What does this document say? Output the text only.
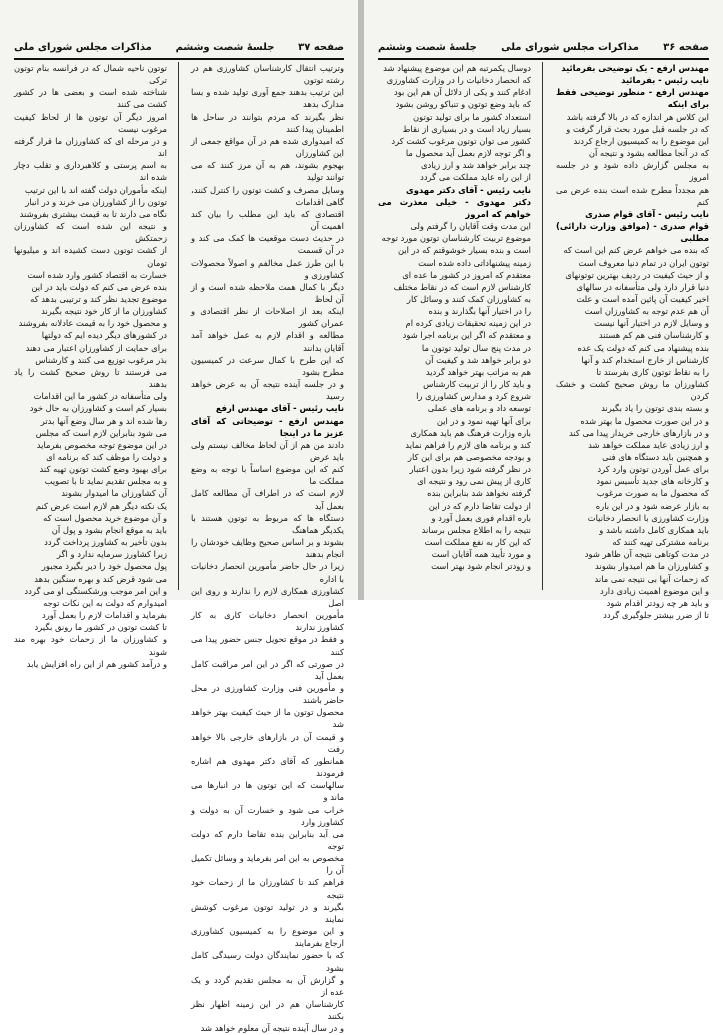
صفحه ۳۷
جلسهٔ شصت وششم
مذاکرات مجلس شورای ملی

وترتیب انتقال کارشناسان کشاورزی هم در رشته توتون

این ترتیب بدهند جمع آوری تولید شده و بسا مدارک بدهد

نظر بگیرند که مردم بتوانند در ساحل ها اطمینان پیدا کنند

که امیدواری شده هم در آن مواقع جمعی از این کشاورزان

بهجوم بشوند، هم به آن مرز کنند که می توانند تولید

وسایل مصرف و کشت توتون را کنترل کنند، گاهی اقدامات

اقتصادی که باید این مطلب را بیان کند اهمیت آن

در حدیث دست موقعیت ها کمک می کند و در آن قسمت

با این طرز عمل مخالفم و اصولاً محصولات کشاورزی و

دیگر با کمال همت ملاحظه شده است و از آن لحاظ

اینکه بعد از اصلاحات از نظر اقتصادی و عمران کشور

مطالعه و اقدام لازم به عمل خواهد آمد آقایان بدانند

که این طرح با کمال سرعت در کمیسیون مطرح بشود

و در جلسه آینده نتیجه آن به عرض خواهد رسید

نایب رئیس - آقای مهندس ارفع

مهندس ارفع - توضیحاتی که آقای عزیز ما در اینجا

دادند من هم از آن لحاظ مخالف نیستم ولی باید عرض

کنم که این موضوع اساساً با توجه به وضع مملکت ما

لازم است که در اطراف آن مطالعه کامل بعمل آید

دستگاه ها که مربوط به توتون هستند با یکدیگر هماهنگ

بشوند و بر اساس صحیح وظایف خودشان را انجام بدهند

زیرا در حال حاضر مأمورین انحصار دخانیات با اداره

کشاورزی همکاری لازم را ندارند و روی این اصل

مأمورین انحصار دخانیات کاری به کار کشاورز ندارند

و فقط در موقع تحویل جنس حضور پیدا می کنند

در صورتی که اگر در این امر مراقبت کامل بعمل آید

و مأمورین فنی وزارت کشاورزی در محل حاضر باشند

محصول توتون ما از حیث کیفیت بهتر خواهد شد

و قیمت آن در بازارهای خارجی بالا خواهد رفت

همانطور که آقای دکتر مهدوی هم اشاره فرمودند

سالهاست که این توتون ها در انبارها می ماند و

خراب می شود و خسارت آن به دولت و کشاورز وارد

می آید بنابراین بنده تقاضا دارم که دولت توجه

مخصوص به این امر بفرماید و وسائل تکمیل آن را

فراهم کند تا کشاورزان ما از زحمات خود نتیجه

بگیرند و در تولید توتون مرغوب کوشش نمایند

و این موضوع را به کمیسیون کشاورزی ارجاع بفرمایند

که با حضور نمایندگان دولت رسیدگی کامل بشود

و گزارش آن به مجلس تقدیم گردد و یک عده از

کارشناسان هم در این زمینه اظهار نظر بکنند

و در سال آینده نتیجه آن معلوم خواهد شد

توتون ناحیه شمال که در فرانسه بنام توتون ترکی

شناخته شده است و بعضی ها در کشور کشت می کنند

امروز دیگر آن توتون ها از لحاظ کیفیت مرغوب نیست

و در مرحله ای که کشاورزان ما قرار گرفته اند

به اسم پرستی و کلاهبرداری و تقلب دچار شده اند

اینکه مأموران دولت گفته اند با این ترتیب

توتون را از کشاورزان می خرند و در انبار

نگاه می دارند تا به قیمت بیشتری بفروشند

و نتیجه این شده است که کشاورزان زحمتکش

از کشت توتون دست کشیده اند و میلیونها تومان

خسارت به اقتصاد کشور وارد شده است

بنده عرض می کنم که دولت باید در این

موضوع تجدید نظر کند و ترتیبی بدهد که

کشاورزان ما از کار خود نتیجه بگیرند

و محصول خود را به قیمت عادلانه بفروشند

در کشورهای دیگر دیده ایم که دولتها

برای حمایت از کشاورزان اعتبار می دهند

بذر مرغوب توزیع می کنند و کارشناس

می فرستند تا روش صحیح کشت را یاد بدهند

ولی متأسفانه در کشور ما این اقدامات

بسیار کم است و کشاورزان به حال خود

رها شده اند و هر سال وضع آنها بدتر

می شود بنابراین لازم است که مجلس

در این موضوع توجه مخصوص بفرماید

و دولت را موظف کند که برنامه ای

برای بهبود وضع کشت توتون تهیه کند

و به مجلس تقدیم نماید تا با تصویب

آن کشاورزان ما امیدوار بشوند

یک نکته دیگر هم لازم است عرض کنم

و آن موضوع خرید محصول است که

باید به موقع انجام بشود و پول آن

بدون تأخیر به کشاورز پرداخت گردد

زیرا کشاورز سرمایه ندارد و اگر

پول محصول خود را دیر بگیرد مجبور

می شود قرض کند و بهره سنگین بدهد

و این امر موجب ورشکستگی او می گردد

امیدوارم که دولت به این نکات توجه

بفرماید و اقدامات لازم را بعمل آورد

تا کشت توتون در کشور ما رونق بگیرد

و کشاورزان ما از زحمات خود بهره مند شوند

و درآمد کشور هم از این راه افزایش یابد

صفحه ۳۶
مذاکرات مجلس شورای ملی
جلسهٔ شصت وششم

مهندس ارفع - یک توضیحی بفرمائید

نایب رئیس - بفرمائید

مهندس ارفع - منظور توضیحی فقط برای اینکه

این کلاس هر اندازه که در بالا گرفته باشد

که در جلسه قبل مورد بحث قرار گرفت و

این موضوع را به کمیسیون ارجاع کردند

که در آنجا مطالعه بشود و نتیجه آن

به مجلس گزارش داده شود و در جلسه امروز

هم مجدداً مطرح شده است بنده عرض می کنم

نایب رئیس - آقای قوام صدری

قوام صدری - (موافق وزارت دارائی) مطلبی

که بنده می خواهم عرض کنم این است که

توتون ایران در تمام دنیا معروف است

و از حیث کیفیت در ردیف بهترین توتونهای

دنیا قرار دارد ولی متأسفانه در سالهای

اخیر کیفیت آن پائین آمده است و علت

آن هم عدم توجه به کشاورزان است

و وسایل لازم در اختیار آنها نیست

و کارشناسان فنی هم کم هستند

بنده پیشنهاد می کنم که دولت یک عده

کارشناس از خارج استخدام کند و آنها

را به نقاط توتون کاری بفرستد تا

کشاورزان ما روش صحیح کشت و خشک کردن

و بسته بندی توتون را یاد بگیرند

و در این صورت محصول ما بهتر شده

و در بازارهای خارجی خریدار پیدا می کند

و ارز زیادی عاید مملکت خواهد شد

و همچنین باید دستگاه های فنی

برای عمل آوردن توتون وارد کرد

و کارخانه های جدید تأسیس نمود

که محصول ما به صورت مرغوب

به بازار عرضه شود و در این باره

وزارت کشاورزی با انحصار دخانیات

باید همکاری کامل داشته باشد و

برنامه مشترکی تهیه کنند که

در مدت کوتاهی نتیجه آن ظاهر شود

و کشاورزان ما هم امیدوار بشوند

که زحمات آنها بی نتیجه نمی ماند

و این موضوع اهمیت زیادی دارد

و باید هر چه زودتر اقدام شود

تا از ضرر بیشتر جلوگیری گردد

دوسال یکمرتبه هم این موضوع پیشنهاد شد

که انحصار دخانیات را در وزارت کشاورزی

ادغام کنند و یکی از دلائل آن هم این بود

که باید وضع توتون و تنباکو روشن بشود

استعداد کشور ما برای تولید توتون

بسیار زیاد است و در بسیاری از نقاط

کشور می توان توتون مرغوب کشت کرد

و اگر توجه لازم بعمل آید محصول ما

چند برابر خواهد شد و ارز زیادی

از این راه عاید مملکت می گردد

نایب رئیس - آقای دکتر مهدوی

دکتر مهدوی - خیلی معذرت می خواهم که امروز

این مدت وقت آقایان را گرفتم ولی

موضوع تربیت کارشناسان توتون مورد توجه

است و بنده بسیار خوشوقتم که در این

زمینه پیشنهاداتی داده شده است

معتقدم که امروز در کشور ما عده ای

کارشناس لازم است که در نقاط مختلف

به کشاورزان کمک کنند و وسائل کار

را در اختیار آنها بگذارند و بنده

در این زمینه تحقیقات زیادی کرده ام

و معتقدم که اگر این برنامه اجرا شود

در مدت پنج سال تولید توتون ما

دو برابر خواهد شد و کیفیت آن

هم به مراتب بهتر خواهد گردید

و باید کار را از تربیت کارشناس

شروع کرد و مدارس کشاورزی را

توسعه داد و برنامه های عملی

برای آنها تهیه نمود و در این

باره وزارت فرهنگ هم باید همکاری

کند و برنامه های لازم را فراهم نماید

و بودجه مخصوصی هم برای این کار

در نظر گرفته شود زیرا بدون اعتبار

کاری از پیش نمی رود و نتیجه ای

گرفته نخواهد شد بنابراین بنده

از دولت تقاضا دارم که در این

باره اقدام فوری بعمل آورد و

نتیجه را به اطلاع مجلس برساند

که این کار به نفع مملکت است

و مورد تأیید همه آقایان است

و زودتر انجام شود بهتر است
